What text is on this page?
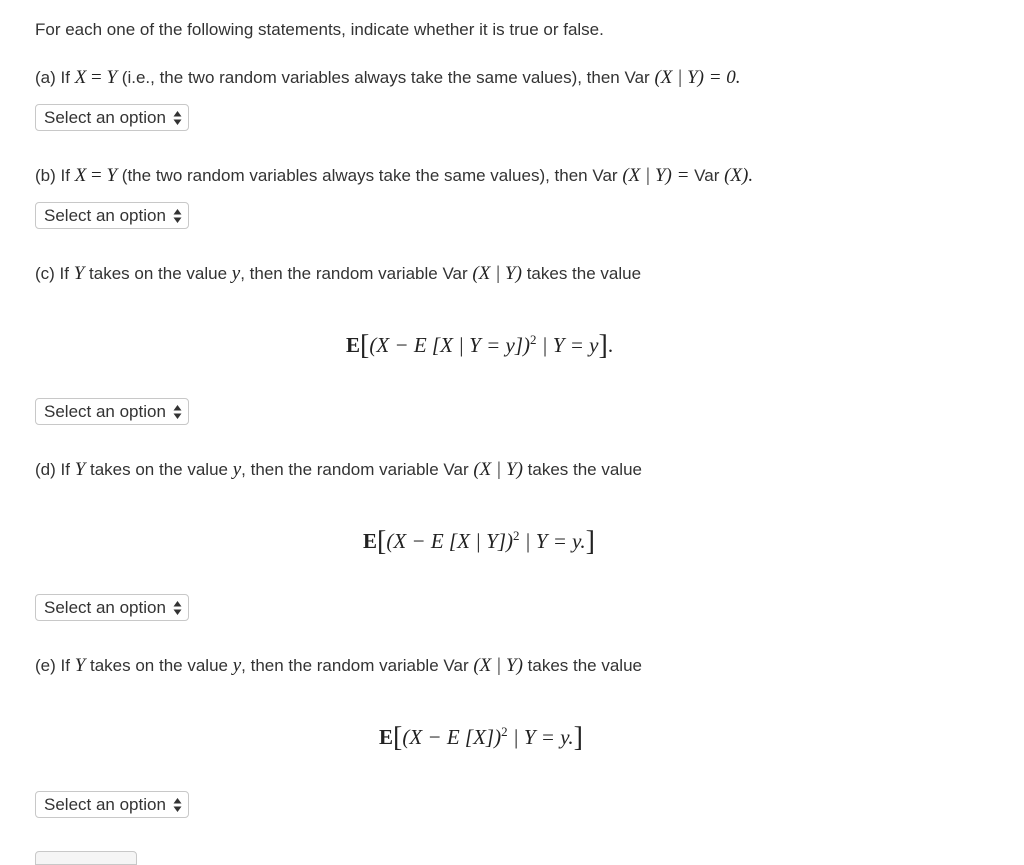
For each one of the following statements, indicate whether it is true or false.
(a) If X = Y (i.e., the two random variables always take the same values), then Var (X | Y) = 0.
Select an option
(b) If X = Y (the two random variables always take the same values), then Var (X | Y) = Var (X).
Select an option
(c) If Y takes on the value y, then the random variable Var (X | Y) takes the value
E[(X − E [X | Y = y])$^2$ | Y = y].
Select an option
(d) If Y takes on the value y, then the random variable Var (X | Y) takes the value
E[(X − E [X | Y])$^2$ | Y = y.]
Select an option
(e) If Y takes on the value y, then the random variable Var (X | Y) takes the value
E[(X − E [X])$^2$ | Y = y.]
Select an option
